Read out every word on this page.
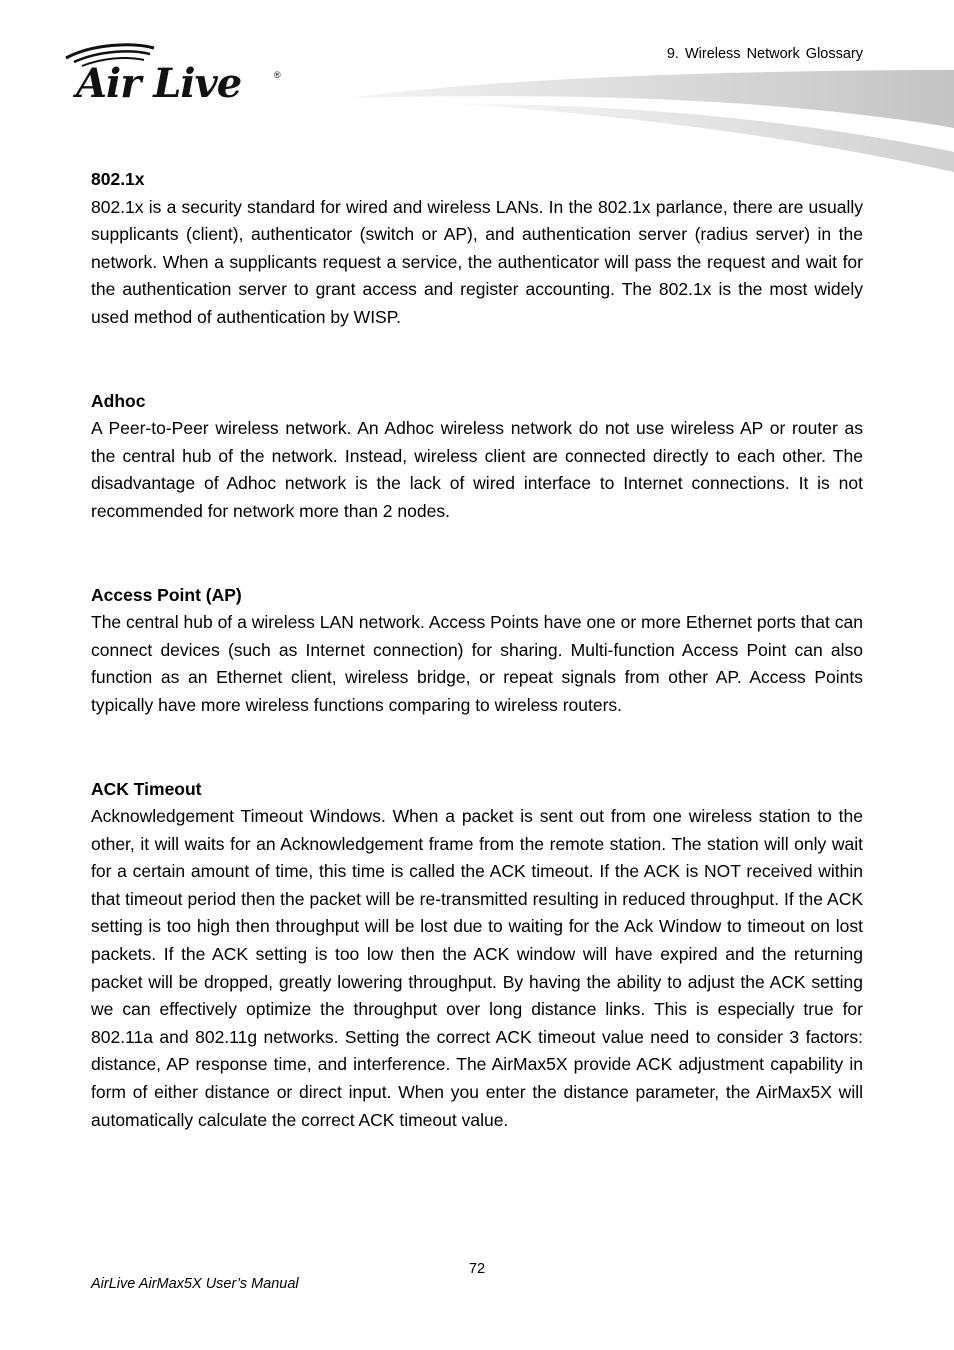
Air Live	®
9. Wireless Network Glossary

802.1x

802.1x is a security standard for wired and wireless LANs. In the 802.1x parlance, there are usually supplicants (client), authenticator (switch or AP), and authentication server (radius server) in the network. When a supplicants request a service, the authenticator will pass the request and wait for the authentication server to grant access and register accounting. The 802.1x is the most widely used method of authentication by WISP.

Adhoc

A Peer-to-Peer wireless network. An Adhoc wireless network do not use wireless AP or router as the central hub of the network. Instead, wireless client are connected directly to each other. The disadvantage of Adhoc network is the lack of wired interface to Internet connections. It is not recommended for network more than 2 nodes.

Access Point (AP)

The central hub of a wireless LAN network. Access Points have one or more Ethernet ports that can connect devices (such as Internet connection) for sharing. Multi-function Access Point can also function as an Ethernet client, wireless bridge, or repeat signals from other AP. Access Points typically have more wireless functions comparing to wireless routers.

ACK Timeout

Acknowledgement Timeout Windows. When a packet is sent out from one wireless station to the other, it will waits for an Acknowledgement frame from the remote station. The station will only wait for a certain amount of time, this time is called the ACK timeout. If the ACK is NOT received within that timeout period then the packet will be re-transmitted resulting in reduced throughput. If the ACK setting is too high then throughput will be lost due to waiting for the Ack Window to timeout on lost packets. If the ACK setting is too low then the ACK window will have expired and the returning packet will be dropped, greatly lowering throughput. By having the ability to adjust the ACK setting we can effectively optimize the throughput over long distance links. This is especially true for 802.11a and 802.11g networks. Setting the correct ACK timeout value need to consider 3 factors: distance, AP response time, and interference. The AirMax5X provide ACK adjustment capability in form of either distance or direct input. When you enter the distance parameter, the AirMax5X will automatically calculate the correct ACK timeout value.

72
AirLive AirMax5X User’s Manual
